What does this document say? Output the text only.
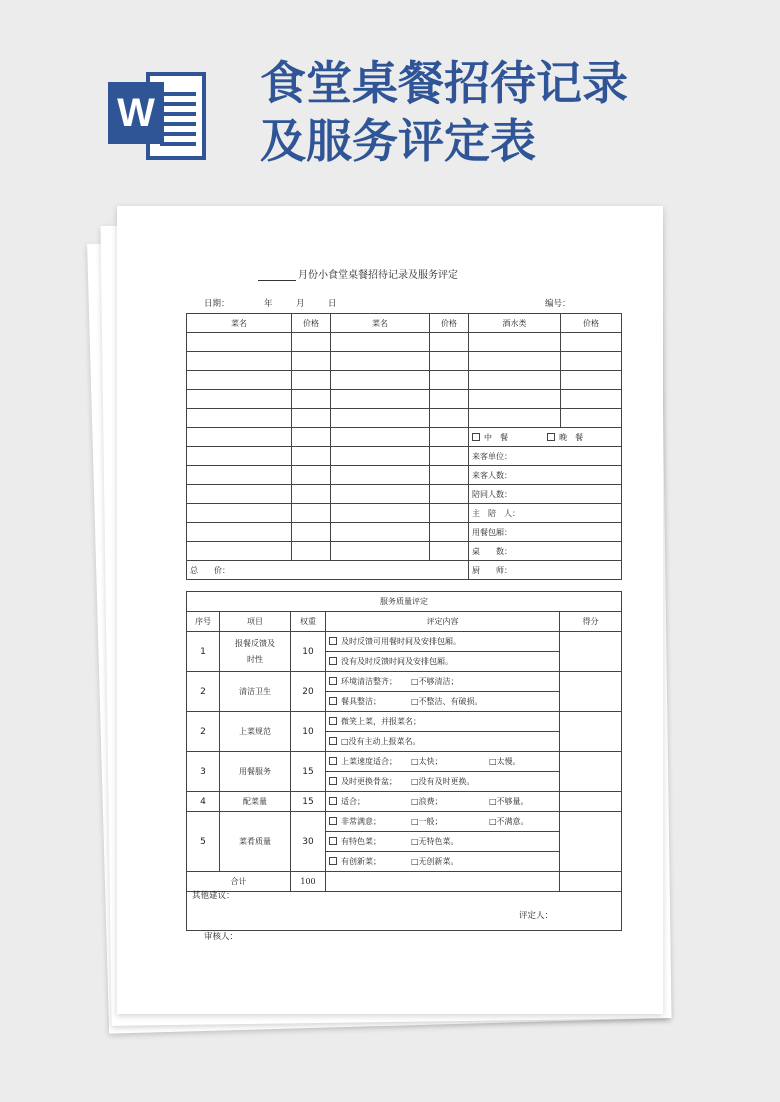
W
食堂桌餐招待记录
及服务评定表
月份小食堂桌餐招待记录及服务评定
日期：	年	月	日	编号：
菜名	价格	菜名	价格	酒水类	价格

				中　餐 晚　餐	
				来客单位：	
				来客人数：	
				陪同人数：	
				主　陪　人：	
				用餐包厢：	
				桌　　数：	
总　　价：				厨　　师：	
服务质量评定				
序号	项目	权重	评定内容	得分
1	报餐反馈及时性	10	及时反馈可用餐时间及安排包厢。	

			没有及时反馈时间及安排包厢。	

2	清洁卫生	20	环境清洁整齐； □不够清洁；	

			餐具整洁； □不整洁、有破损。	

2	上菜规范	10	微笑上菜，并报菜名；	

			□没有主动上报菜名。	

3	用餐服务	15	上菜速度适合； □太快； □太慢。	

			及时更换骨盆； □没有及时更换。	

4	配菜量	15	适合； □浪费； □不够量。	

5	菜肴质量	30	非常满意； □一般； □不满意。	

			有特色菜； □无特色菜。	

			有创新菜； □无创新菜。	

合计		100		

其他建议：
评定人：
审核人：
